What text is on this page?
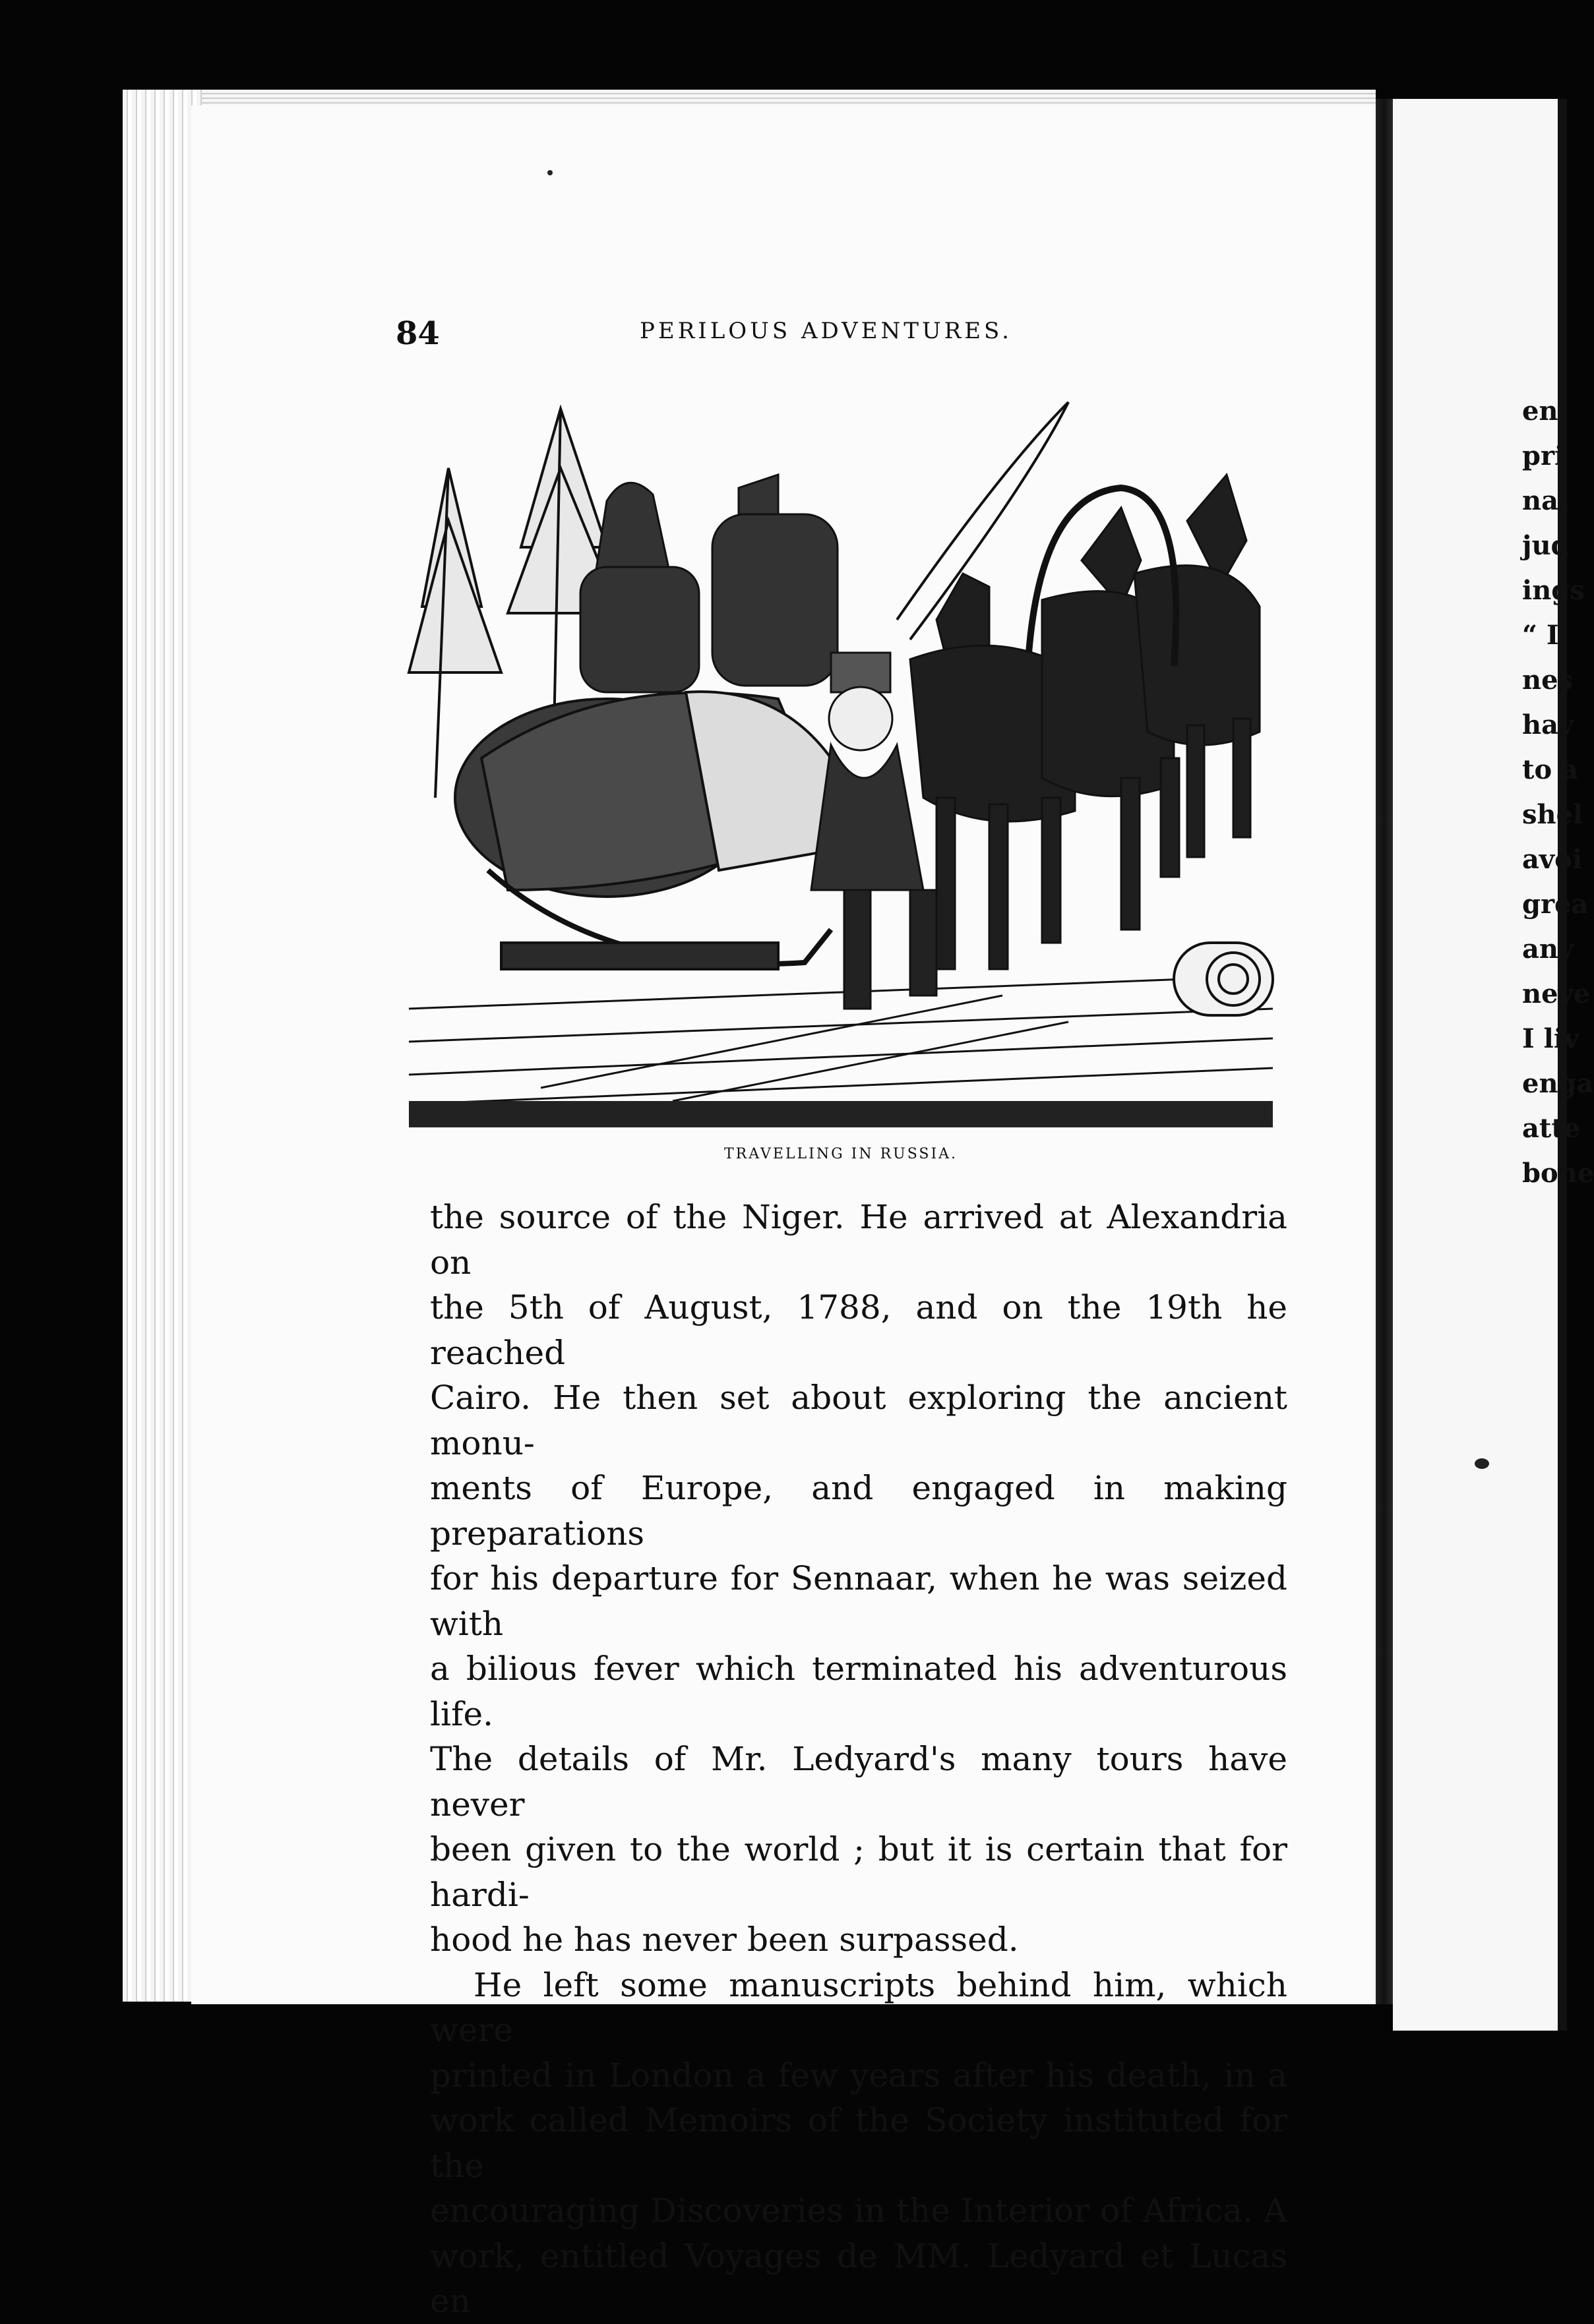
84	PERILOUS ADVENTURES.
TRAVELLING IN RUSSIA.

the source of the Niger. He arrived at Alexandria on

the 5th of August, 1788, and on the 19th he reached

Cairo. He then set about exploring the ancient monu-

ments of Europe, and engaged in making preparations

for his departure for Sennaar, when he was seized with

a bilious fever which terminated his adventurous life.

The details of Mr. Ledyard's many tours have never

been given to the world ; but it is certain that for hardi-

hood he has never been surpassed.

He left some manuscripts behind him, which were

printed in London a few years after his death, in a

work called Memoirs of the Society instituted for the

encouraging Discoveries in the Interior of Africa. A

work, entitled Voyages de MM. Ledyard et Lucas en

en
pri
nal
jud
ings
“ I
nes
hav
to a
shel
avoi
grea
any
neve
I liv
enga
atte
bone
